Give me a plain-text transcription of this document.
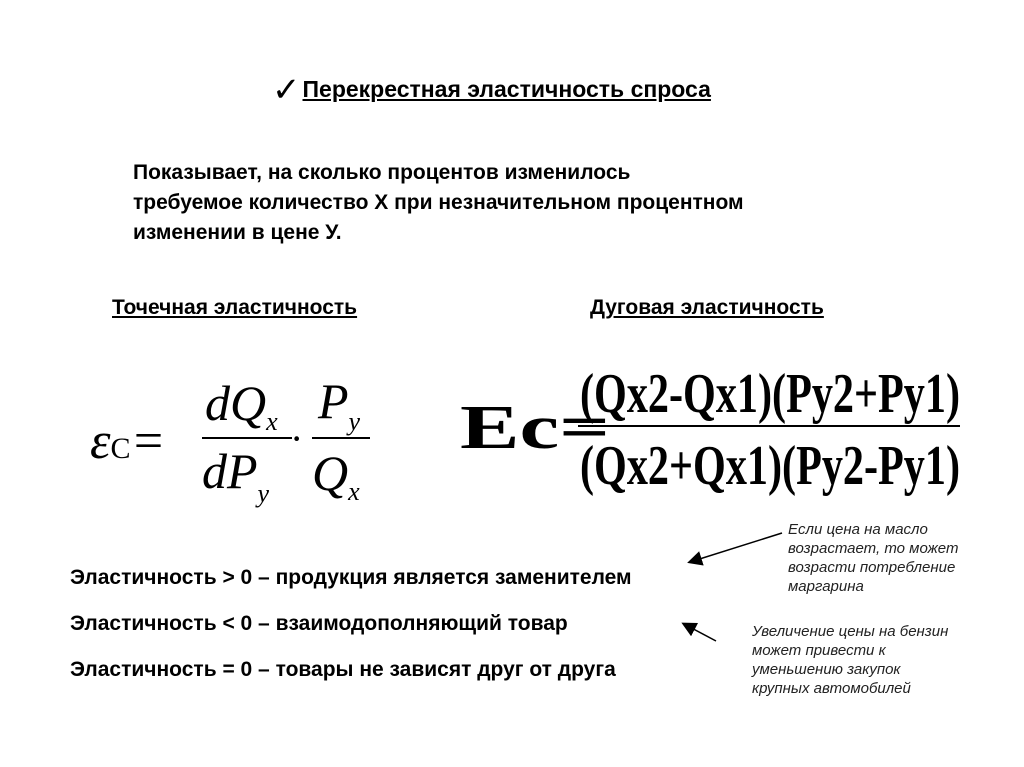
✓Перекрестная эластичность спроса
Показывает, на сколько процентов изменилось
требуемое количество X при незначительном процентном
изменении в цене У.
Точечная эластичность	Дуговая эластичность
εC=
$dQ_x$
$dP_y$
·
$P_y$
$Q_x$
Ec=
(Qx2-Qx1)(Py2+Py1)
(Qx2+Qx1)(Py2-Py1)
Эластичность > 0 – продукция является заменителем
Эластичность < 0 – взаимодополняющий товар
Эластичность = 0 – товары не зависят друг от друга
Если цена на масло
возрастает, то может
возрасти потребление
маргарина
Увеличение цены на бензин
может привести к
уменьшению закупок
крупных автомобилей
